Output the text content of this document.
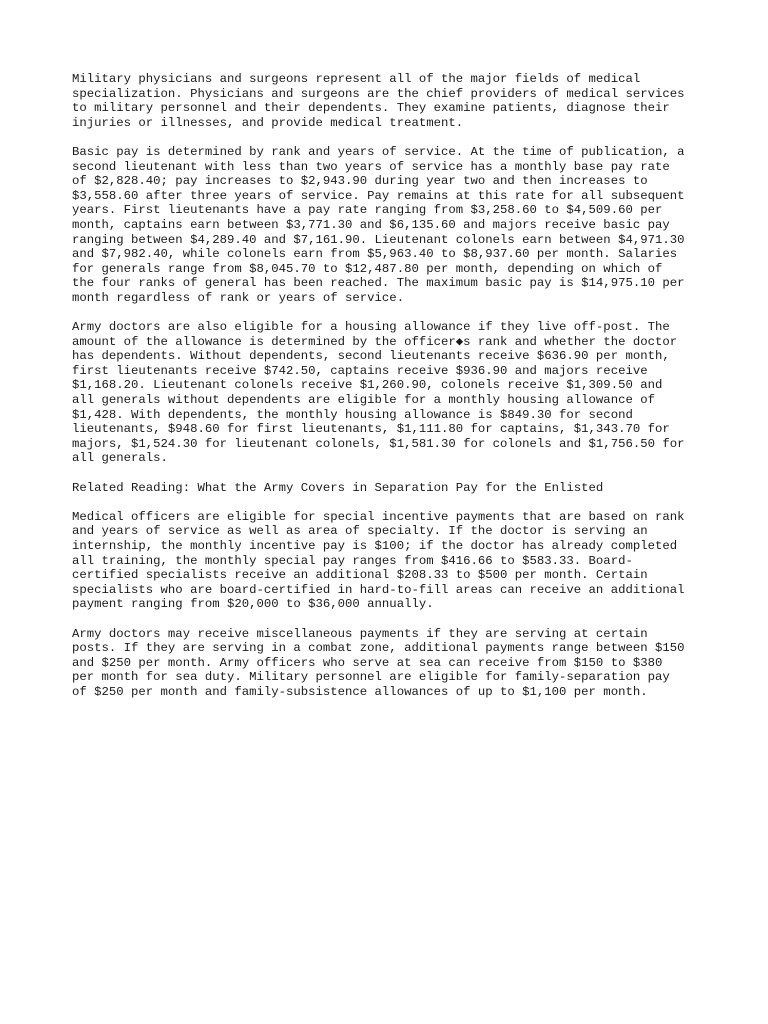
Military physicians and surgeons represent all of the major fields of medical
specialization. Physicians and surgeons are the chief providers of medical services
to military personnel and their dependents. They examine patients, diagnose their
injuries or illnesses, and provide medical treatment.

Basic pay is determined by rank and years of service. At the time of publication, a
second lieutenant with less than two years of service has a monthly base pay rate
of $2,828.40; pay increases to $2,943.90 during year two and then increases to
$3,558.60 after three years of service. Pay remains at this rate for all subsequent
years. First lieutenants have a pay rate ranging from $3,258.60 to $4,509.60 per
month, captains earn between $3,771.30 and $6,135.60 and majors receive basic pay
ranging between $4,289.40 and $7,161.90. Lieutenant colonels earn between $4,971.30
and $7,982.40, while colonels earn from $5,963.40 to $8,937.60 per month. Salaries
for generals range from $8,045.70 to $12,487.80 per month, depending on which of
the four ranks of general has been reached. The maximum basic pay is $14,975.10 per
month regardless of rank or years of service.

Army doctors are also eligible for a housing allowance if they live off-post. The
amount of the allowance is determined by the officer◆s rank and whether the doctor
has dependents. Without dependents, second lieutenants receive $636.90 per month,
first lieutenants receive $742.50, captains receive $936.90 and majors receive
$1,168.20. Lieutenant colonels receive $1,260.90, colonels receive $1,309.50 and
all generals without dependents are eligible for a monthly housing allowance of
$1,428. With dependents, the monthly housing allowance is $849.30 for second
lieutenants, $948.60 for first lieutenants, $1,111.80 for captains, $1,343.70 for
majors, $1,524.30 for lieutenant colonels, $1,581.30 for colonels and $1,756.50 for
all generals.

Related Reading: What the Army Covers in Separation Pay for the Enlisted

Medical officers are eligible for special incentive payments that are based on rank
and years of service as well as area of specialty. If the doctor is serving an
internship, the monthly incentive pay is $100; if the doctor has already completed
all training, the monthly special pay ranges from $416.66 to $583.33. Board-
certified specialists receive an additional $208.33 to $500 per month. Certain
specialists who are board-certified in hard-to-fill areas can receive an additional
payment ranging from $20,000 to $36,000 annually.

Army doctors may receive miscellaneous payments if they are serving at certain
posts. If they are serving in a combat zone, additional payments range between $150
and $250 per month. Army officers who serve at sea can receive from $150 to $380
per month for sea duty. Military personnel are eligible for family-separation pay
of $250 per month and family-subsistence allowances of up to $1,100 per month.
